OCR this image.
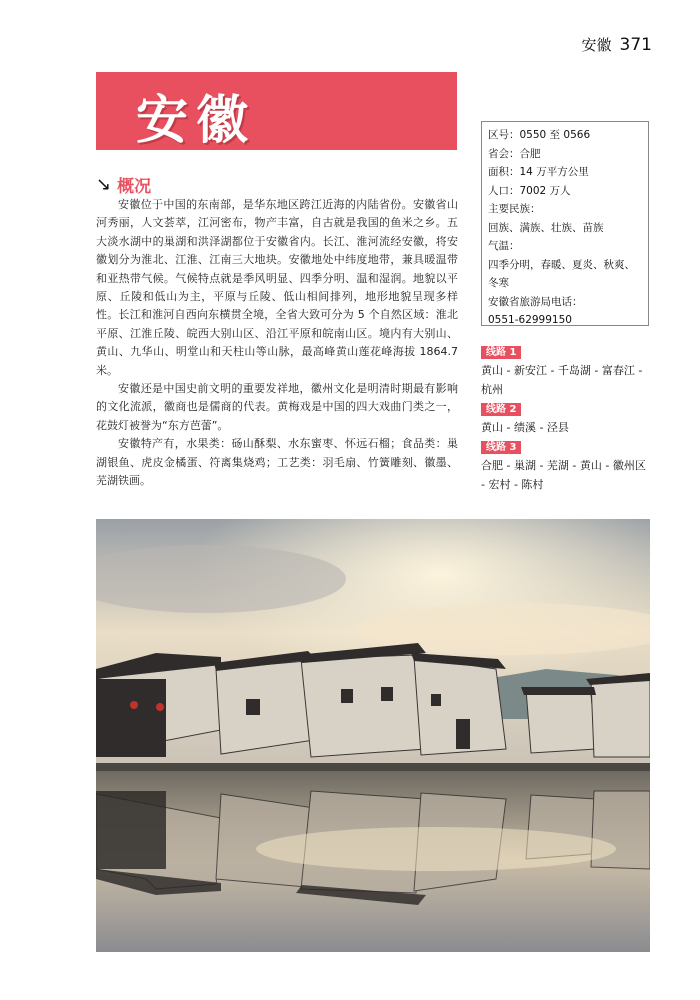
安徽 371
安徽
↘ 概况

安徽位于中国的东南部，是华东地区跨江近海的内陆省份。安徽省山河秀丽，人文荟萃，江河密布，物产丰富，自古就是我国的鱼米之乡。五大淡水湖中的巢湖和洪泽湖都位于安徽省内。长江、淮河流经安徽，将安徽划分为淮北、江淮、江南三大地块。安徽地处中纬度地带，兼具暖温带和亚热带气候。气候特点就是季风明显、四季分明、温和湿润。地貌以平原、丘陵和低山为主，平原与丘陵、低山相间排列，地形地貌呈现多样性。长江和淮河自西向东横贯全境，全省大致可分为 5 个自然区域：淮北平原、江淮丘陵、皖西大别山区、沿江平原和皖南山区。境内有大别山、黄山、九华山、明堂山和天柱山等山脉，最高峰黄山莲花峰海拔 1864.7 米。

安徽还是中国史前文明的重要发祥地，徽州文化是明清时期最有影响的文化流派，徽商也是儒商的代表。黄梅戏是中国的四大戏曲门类之一，花鼓灯被誉为“东方芭蕾”。

安徽特产有，水果类：砀山酥梨、水东蜜枣、怀远石榴；食品类：巢湖银鱼、虎皮金橘蛋、符离集烧鸡；工艺类：羽毛扇、竹簧雕刻、徽墨、芜湖铁画。

区号：0550 至 0566
省会：合肥
面积：14 万平方公里
人口：7002 万人
主要民族：
回族、满族、壮族、苗族
气温：
四季分明，春暖、夏炎、秋爽、冬寒
安徽省旅游局电话：
0551-62999150
线路 1
黄山 - 新安江 - 千岛湖 - 富春江 - 杭州
线路 2
黄山 - 绩溪 - 泾县
线路 3
合肥 - 巢湖 - 芜湖 - 黄山 - 徽州区 - 宏村 - 陈村
